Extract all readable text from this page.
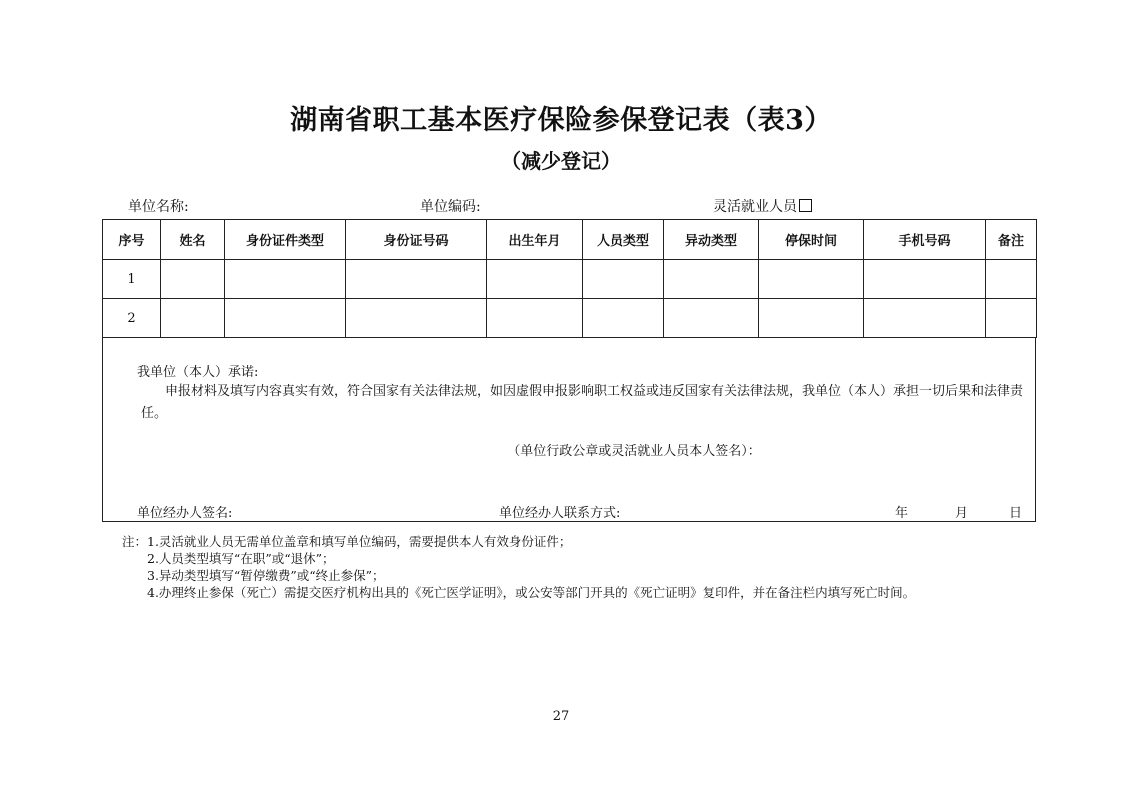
湖南省职工基本医疗保险参保登记表（表3）
（减少登记）
单位名称:	单位编码:	灵活就业人员
序号	姓名	身份证件类型	身份证号码	出生年月	人员类型	异动类型	停保时间	手机号码	备注
1									
2									
我单位（本人）承诺:
申报材料及填写内容真实有效，符合国家有关法律法规，如因虚假申报影响职工权益或违反国家有关法律法规，我单位（本人）承担一切后果和法律责任。
（单位行政公章或灵活就业人员本人签名）：
单位经办人签名:	单位经办人联系方式:	年	月	日
注：1.灵活就业人员无需单位盖章和填写单位编码，需要提供本人有效身份证件；
2.人员类型填写“在职”或“退休”；
3.异动类型填写“暂停缴费”或“终止参保”；
4.办理终止参保（死亡）需提交医疗机构出具的《死亡医学证明》，或公安等部门开具的《死亡证明》复印件，并在备注栏内填写死亡时间。
27
